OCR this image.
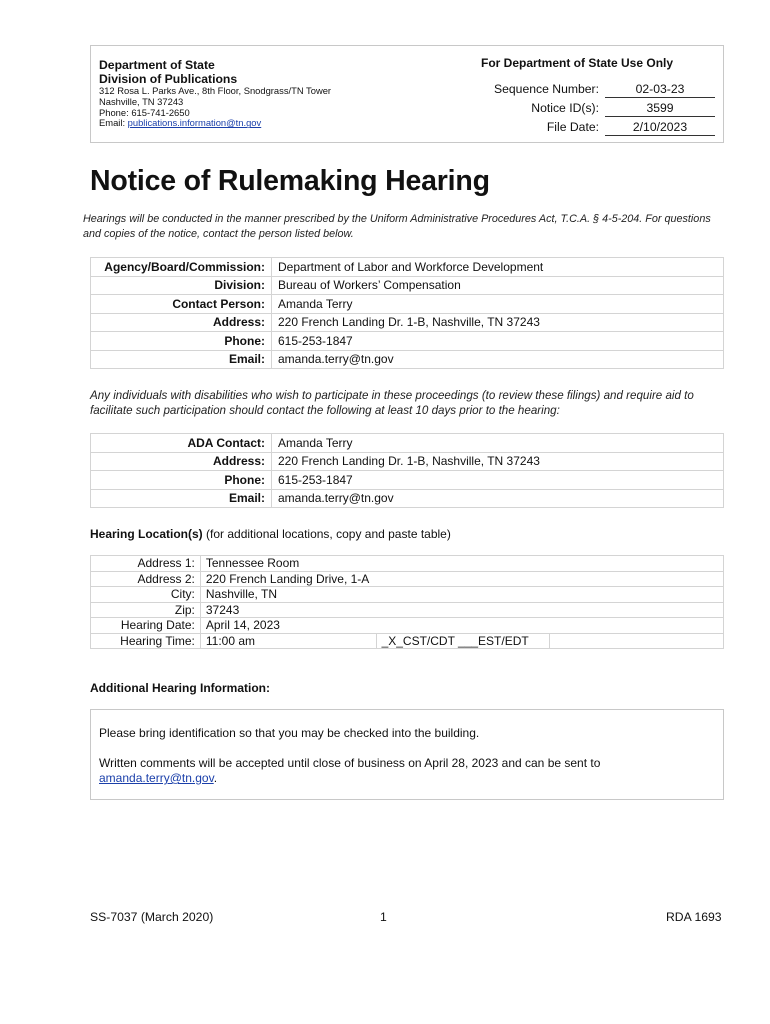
Department of State
Division of Publications
312 Rosa L. Parks Ave., 8th Floor, Snodgrass/TN Tower
Nashville, TN 37243
Phone: 615-741-2650
Email: publications.information@tn.gov
For Department of State Use Only
Sequence Number:	02-03-23
Notice ID(s):	3599
File Date:	2/10/2023
Notice of Rulemaking Hearing
Hearings will be conducted in the manner prescribed by the Uniform Administrative Procedures Act, T.C.A. § 4-5-204. For questions and copies of the notice, contact the person listed below.
Agency/Board/Commission:	Department of Labor and Workforce Development
Division:	Bureau of Workers’ Compensation
Contact Person:	Amanda Terry
Address:	220 French Landing Dr. 1-B, Nashville, TN 37243
Phone:	615-253-1847
Email:	amanda.terry@tn.gov
Any individuals with disabilities who wish to participate in these proceedings (to review these filings) and require aid to facilitate such participation should contact the following at least 10 days prior to the hearing:
ADA Contact:	Amanda Terry
Address:	220 French Landing Dr. 1-B, Nashville, TN 37243
Phone:	615-253-1847
Email:	amanda.terry@tn.gov
Hearing Location(s) (for additional locations, copy and paste table)
Address 1:	Tennessee Room		
Address 2:	220 French Landing Drive, 1-A		
City:	Nashville, TN		
Zip:	37243		
Hearing Date:	April 14, 2023		
Hearing Time:	11:00 am	_X_CST/CDT ___EST/EDT	
Additional Hearing Information:
Please bring identification so that you may be checked into the building.
Written comments will be accepted until close of business on April 28, 2023 and can be sent to
amanda.terry@tn.gov.
SS-7037 (March 2020)	1	RDA 1693
